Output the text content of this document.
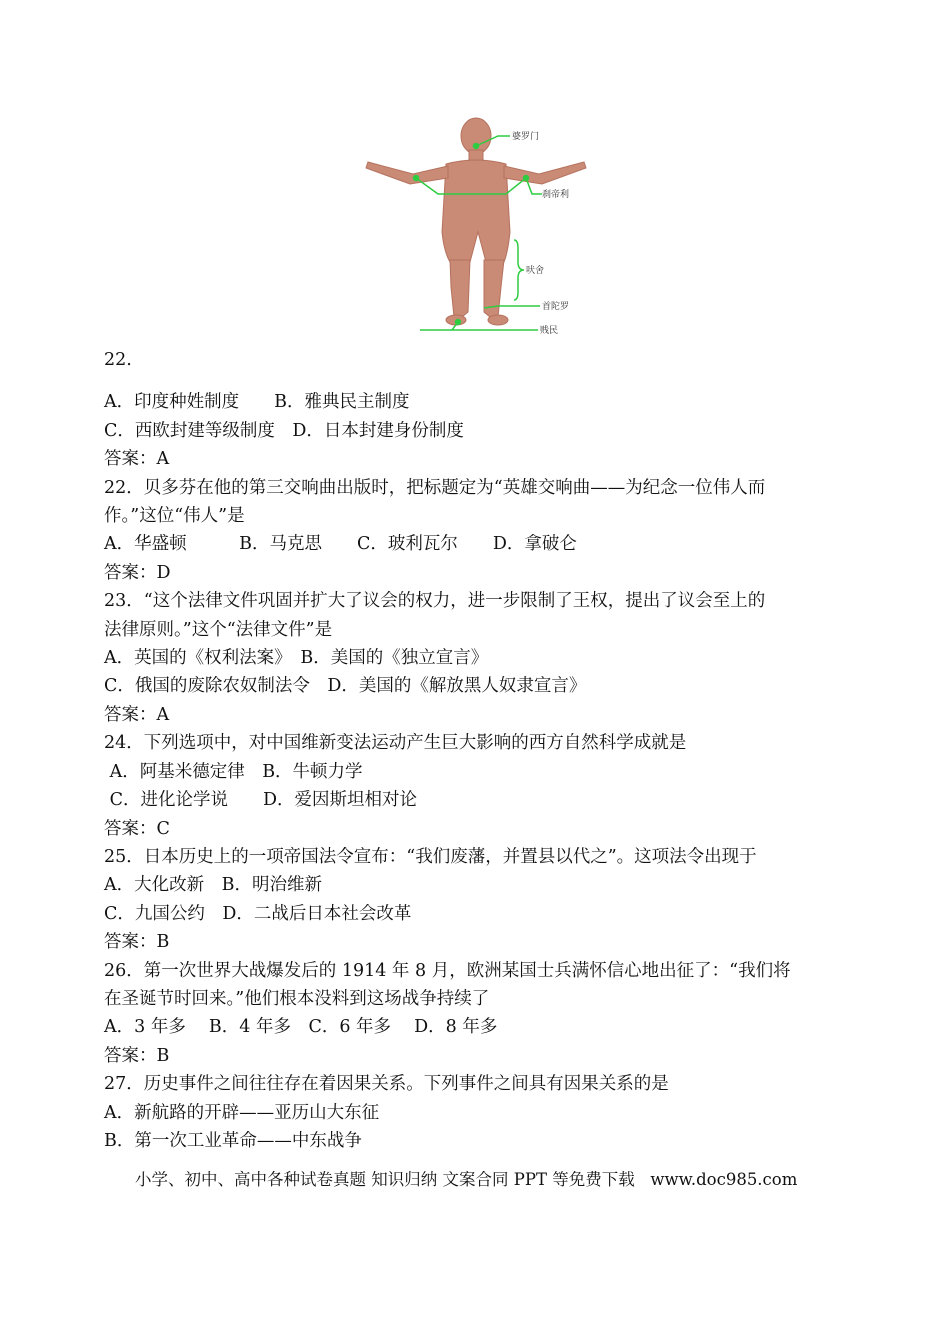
婆罗门
刹帝利
吠舍
首陀罗
贱民

22.

A．印度种姓制度　　B．雅典民主制度

C．西欧封建等级制度　D．日本封建身份制度

答案：A

22．贝多芬在他的第三交响曲出版时，把标题定为“英雄交响曲——为纪念一位伟人而

作。”这位“伟人”是

A．华盛顿　　　B．马克思　　C．玻利瓦尔　　D．拿破仑

答案：D

23．“这个法律文件巩固并扩大了议会的权力，进一步限制了王权，提出了议会至上的

法律原则。”这个“法律文件”是

A．英国的《权利法案》　B．美国的《独立宣言》

C．俄国的废除农奴制法令　D．美国的《解放黑人奴隶宣言》

答案：A

24．下列选项中，对中国维新变法运动产生巨大影响的西方自然科学成就是

A．阿基米德定律　B．牛顿力学

C．进化论学说　　D．爱因斯坦相对论

答案：C

25．日本历史上的一项帝国法令宣布：“我们废藩，并置县以代之”。这项法令出现于

A．大化改新　B．明治维新

C．九国公约　D．二战后日本社会改革

答案：B

26．第一次世界大战爆发后的 1914 年 8 月，欧洲某国士兵满怀信心地出征了：“我们将

在圣诞节时回来。”他们根本没料到这场战争持续了

A．3 年多　 B．4 年多　C．6 年多　 D．8 年多

答案：B

27．历史事件之间往往存在着因果关系。下列事件之间具有因果关系的是

A．新航路的开辟——亚历山大东征

B．第一次工业革命——中东战争

小学、初中、高中各种试卷真题 知识归纳 文案合同 PPT 等免费下载   www.doc985.com
